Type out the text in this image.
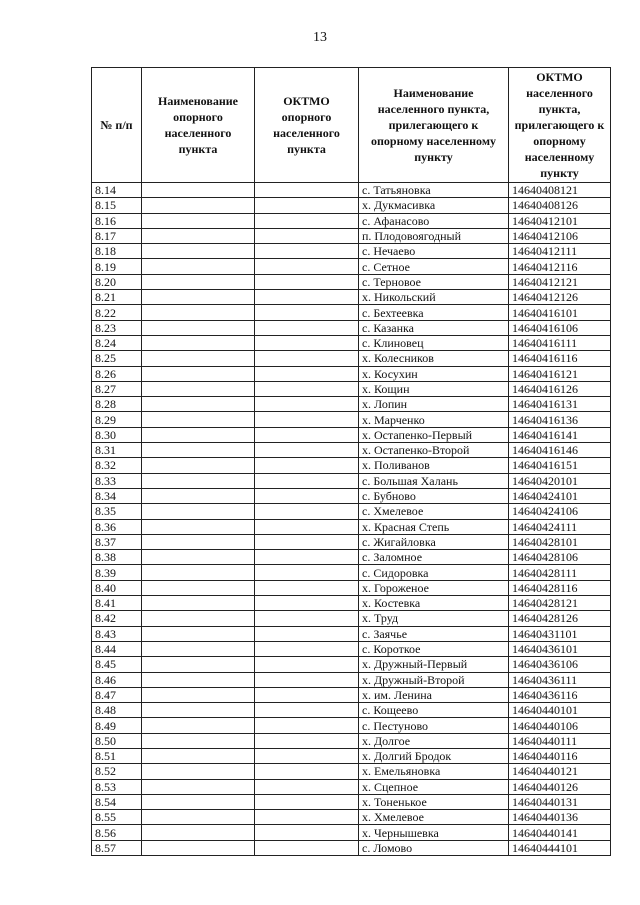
13
№ п/п	Наименование опорного населенного пункта	ОКТМО опорного населенного пункта	Наименование населенного пункта, прилегающего к опорному населенному пункту	ОКТМО населенного пункта, прилегающего к опорному населенному пункту
8.14			с. Татьяновка	14640408121
8.15			х. Дукмасивка	14640408126
8.16			с. Афанасово	14640412101
8.17			п. Плодовоягодный	14640412106
8.18			с. Нечаево	14640412111
8.19			с. Сетное	14640412116
8.20			с. Терновое	14640412121
8.21			х. Никольский	14640412126
8.22			с. Бехтеевка	14640416101
8.23			с. Казанка	14640416106
8.24			с. Клиновец	14640416111
8.25			х. Колесников	14640416116
8.26			х. Косухин	14640416121
8.27			х. Кощин	14640416126
8.28			х. Лопин	14640416131
8.29			х. Марченко	14640416136
8.30			х. Остапенко-Первый	14640416141
8.31			х. Остапенко-Второй	14640416146
8.32			х. Поливанов	14640416151
8.33			с. Большая Халань	14640420101
8.34			с. Бубново	14640424101
8.35			с. Хмелевое	14640424106
8.36			х. Красная Степь	14640424111
8.37			с. Жигайловка	14640428101
8.38			с. Заломное	14640428106
8.39			с. Сидоровка	14640428111
8.40			х. Гороженое	14640428116
8.41			х. Костевка	14640428121
8.42			х. Труд	14640428126
8.43			с. Заячье	14640431101
8.44			с. Короткое	14640436101
8.45			х. Дружный-Первый	14640436106
8.46			х. Дружный-Второй	14640436111
8.47			х. им. Ленина	14640436116
8.48			с. Кощеево	14640440101
8.49			с. Пестуново	14640440106
8.50			х. Долгое	14640440111
8.51			х. Долгий Бродок	14640440116
8.52			х. Емельяновка	14640440121
8.53			х. Сцепное	14640440126
8.54			х. Тоненькое	14640440131
8.55			х. Хмелевое	14640440136
8.56			х. Чернышевка	14640440141
8.57			с. Ломово	14640444101
